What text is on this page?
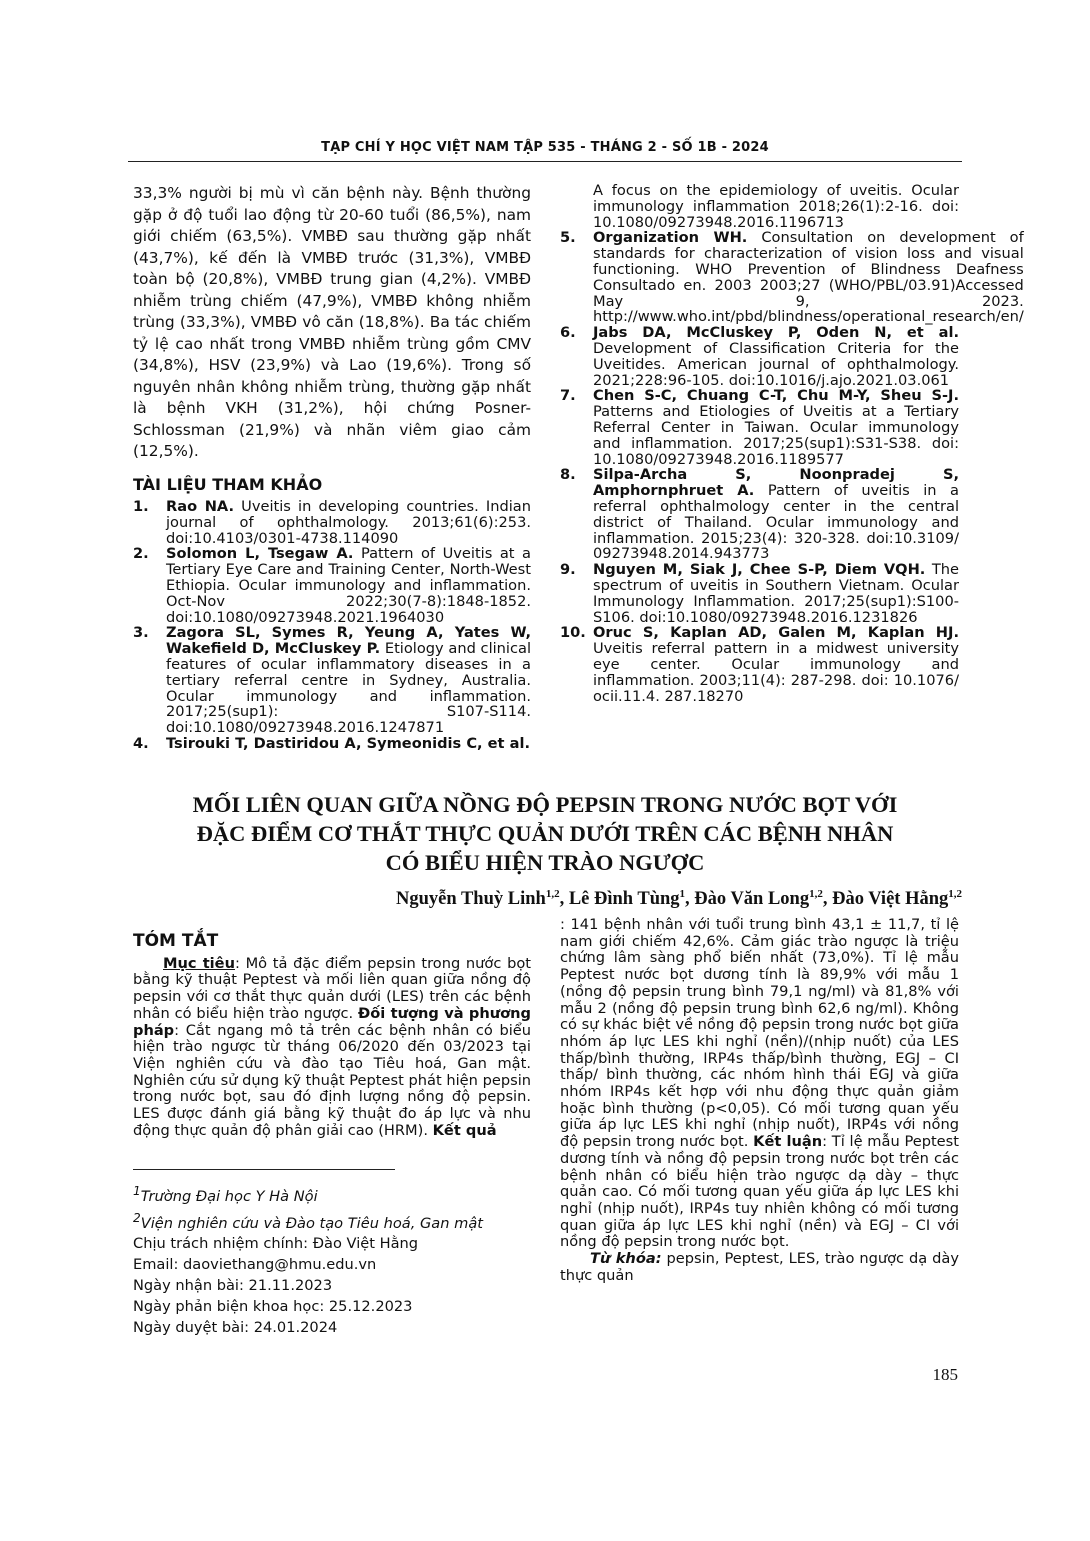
TẠP CHÍ Y HỌC VIỆT NAM TẬP 535 - THÁNG 2 - SỐ 1B - 2024
33,3% người bị mù vì căn bệnh này. Bệnh thường gặp ở độ tuổi lao động từ 20-60 tuổi (86,5%), nam giới chiếm (63,5%). VMBĐ sau thường gặp nhất (43,7%), kế đến là VMBĐ trước (31,3%), VMBĐ toàn bộ (20,8%), VMBĐ trung gian (4,2%). VMBĐ nhiễm trùng chiếm (47,9%), VMBĐ không nhiễm trùng (33,3%), VMBĐ vô căn (18,8%). Ba tác chiếm tỷ lệ cao nhất trong VMBĐ nhiễm trùng gồm CMV (34,8%), HSV (23,9%) và Lao (19,6%). Trong số nguyên nhân không nhiễm trùng, thường gặp nhất là bệnh VKH (31,2%), hội chứng Posner-Schlossman (21,9%) và nhãn viêm giao cảm (12,5%).
TÀI LIỆU THAM KHẢO
1.	Rao NA. Uveitis in developing countries. Indian journal of ophthalmology. 2013;61(6):253. doi:10.4103/0301-4738.114090
2.	Solomon L, Tsegaw A. Pattern of Uveitis at a Tertiary Eye Care and Training Center, North-West Ethiopia. Ocular immunology and inflammation. Oct-Nov 2022;30(7-8):1848-1852. doi:10.1080/09273948.2021.1964030
3.	Zagora SL, Symes R, Yeung A, Yates W, Wakefield D, McCluskey P. Etiology and clinical features of ocular inflammatory diseases in a tertiary referral centre in Sydney, Australia. Ocular immunology and inflammation. 2017;25(sup1): S107-S114. doi:10.1080/09273948.2016.1247871
4.	Tsirouki T, Dastiridou A, Symeonidis C, et al.
A focus on the epidemiology of uveitis. Ocular immunology inflammation 2018;26(1):2-16. doi: 10.1080/09273948.2016.1196713
5.	Organization WH. Consultation on development of standards for characterization of vision loss and visual functioning. WHO Prevention of Blindness Deafness Consultado en. 2003 2003;27 (WHO/PBL/03.91)Accessed May 9, 2023. http://www.who.int/pbd/blindness/operational_research/en/
6.	Jabs DA, McCluskey P, Oden N, et al. Development of Classification Criteria for the Uveitides. American journal of ophthalmology. 2021;228:96-105. doi:10.1016/j.ajo.2021.03.061
7.	Chen S-C, Chuang C-T, Chu M-Y, Sheu S-J. Patterns and Etiologies of Uveitis at a Tertiary Referral Center in Taiwan. Ocular immunology and inflammation. 2017;25(sup1):S31-S38. doi: 10.1080/09273948.2016.1189577
8.	Silpa-Archa S, Noonpradej S, Amphornphruet A. Pattern of uveitis in a referral ophthalmology center in the central district of Thailand. Ocular immunology and inflammation. 2015;23(4): 320-328. doi:10.3109/ 09273948.2014.943773
9.	Nguyen M, Siak J, Chee S-P, Diem VQH. The spectrum of uveitis in Southern Vietnam. Ocular Immunology Inflammation. 2017;25(sup1):S100-S106. doi:10.1080/09273948.2016.1231826
10. Oruc S, Kaplan AD, Galen M, Kaplan HJ. Uveitis referral pattern in a midwest university eye center. Ocular immunology and inflammation. 2003;11(4): 287-298. doi: 10.1076/ ocii.11.4. 287.18270
MỐI LIÊN QUAN GIỮA NỒNG ĐỘ PEPSIN TRONG NƯỚC BỌT VỚI
ĐẶC ĐIỂM CƠ THẮT THỰC QUẢN DƯỚI TRÊN CÁC BỆNH NHÂN
CÓ BIỂU HIỆN TRÀO NGƯỢC
Nguyễn Thuỳ Linh$^{1,2}$, Lê Đình Tùng$^1$, Đào Văn Long$^{1,2}$, Đào Việt Hằng$^{1,2}$
TÓM TẮT
Mục tiêu: Mô tả đặc điểm pepsin trong nước bọt bằng kỹ thuật Peptest và mối liên quan giữa nồng độ pepsin với cơ thắt thực quản dưới (LES) trên các bệnh nhân có biểu hiện trào ngược. Đối tượng và phương pháp: Cắt ngang mô tả trên các bệnh nhân có biểu hiện trào ngược từ tháng 06/2020 đến 03/2023 tại Viện nghiên cứu và đào tạo Tiêu hoá, Gan mật. Nghiên cứu sử dụng kỹ thuật Peptest phát hiện pepsin trong nước bọt, sau đó định lượng nồng độ pepsin. LES được đánh giá bằng kỹ thuật đo áp lực và nhu động thực quản độ phân giải cao (HRM). Kết quả
$^1$Trường Đại học Y Hà Nội
$^2$Viện nghiên cứu và Đào tạo Tiêu hoá, Gan mật
Chịu trách nhiệm chính: Đào Việt Hằng
Email: daoviethang@hmu.edu.vn
Ngày nhận bài: 21.11.2023
Ngày phản biện khoa học: 25.12.2023
Ngày duyệt bài: 24.01.2024
: 141 bệnh nhân với tuổi trung bình 43,1 ± 11,7, tỉ lệ nam giới chiếm 42,6%. Cảm giác trào ngược là triệu chứng lâm sàng phổ biến nhất (73,0%). Tỉ lệ mẫu Peptest nước bọt dương tính là 89,9% với mẫu 1 (nồng độ pepsin trung bình 79,1 ng/ml) và 81,8% với mẫu 2 (nồng độ pepsin trung bình 62,6 ng/ml). Không có sự khác biệt về nồng độ pepsin trong nước bọt giữa nhóm áp lực LES khi nghỉ (nền)/(nhịp nuốt) của LES thấp/bình thường, IRP4s thấp/bình thường, EGJ – CI thấp/ bình thường, các nhóm hình thái EGJ và giữa nhóm IRP4s kết hợp với nhu động thực quản giảm hoặc bình thường (p<0,05). Có mối tương quan yếu giữa áp lực LES khi nghỉ (nhịp nuốt), IRP4s với nồng độ pepsin trong nước bọt. Kết luận: Tỉ lệ mẫu Peptest dương tính và nồng độ pepsin trong nước bọt trên các bệnh nhân có biểu hiện trào ngược dạ dày – thực quản cao. Có mối tương quan yếu giữa áp lực LES khi nghỉ (nhịp nuốt), IRP4s tuy nhiên không có mối tương quan giữa áp lực LES khi nghỉ (nền) và EGJ – CI với nồng độ pepsin trong nước bọt.
Từ khóa: pepsin, Peptest, LES, trào ngược dạ dày thực quản
185
